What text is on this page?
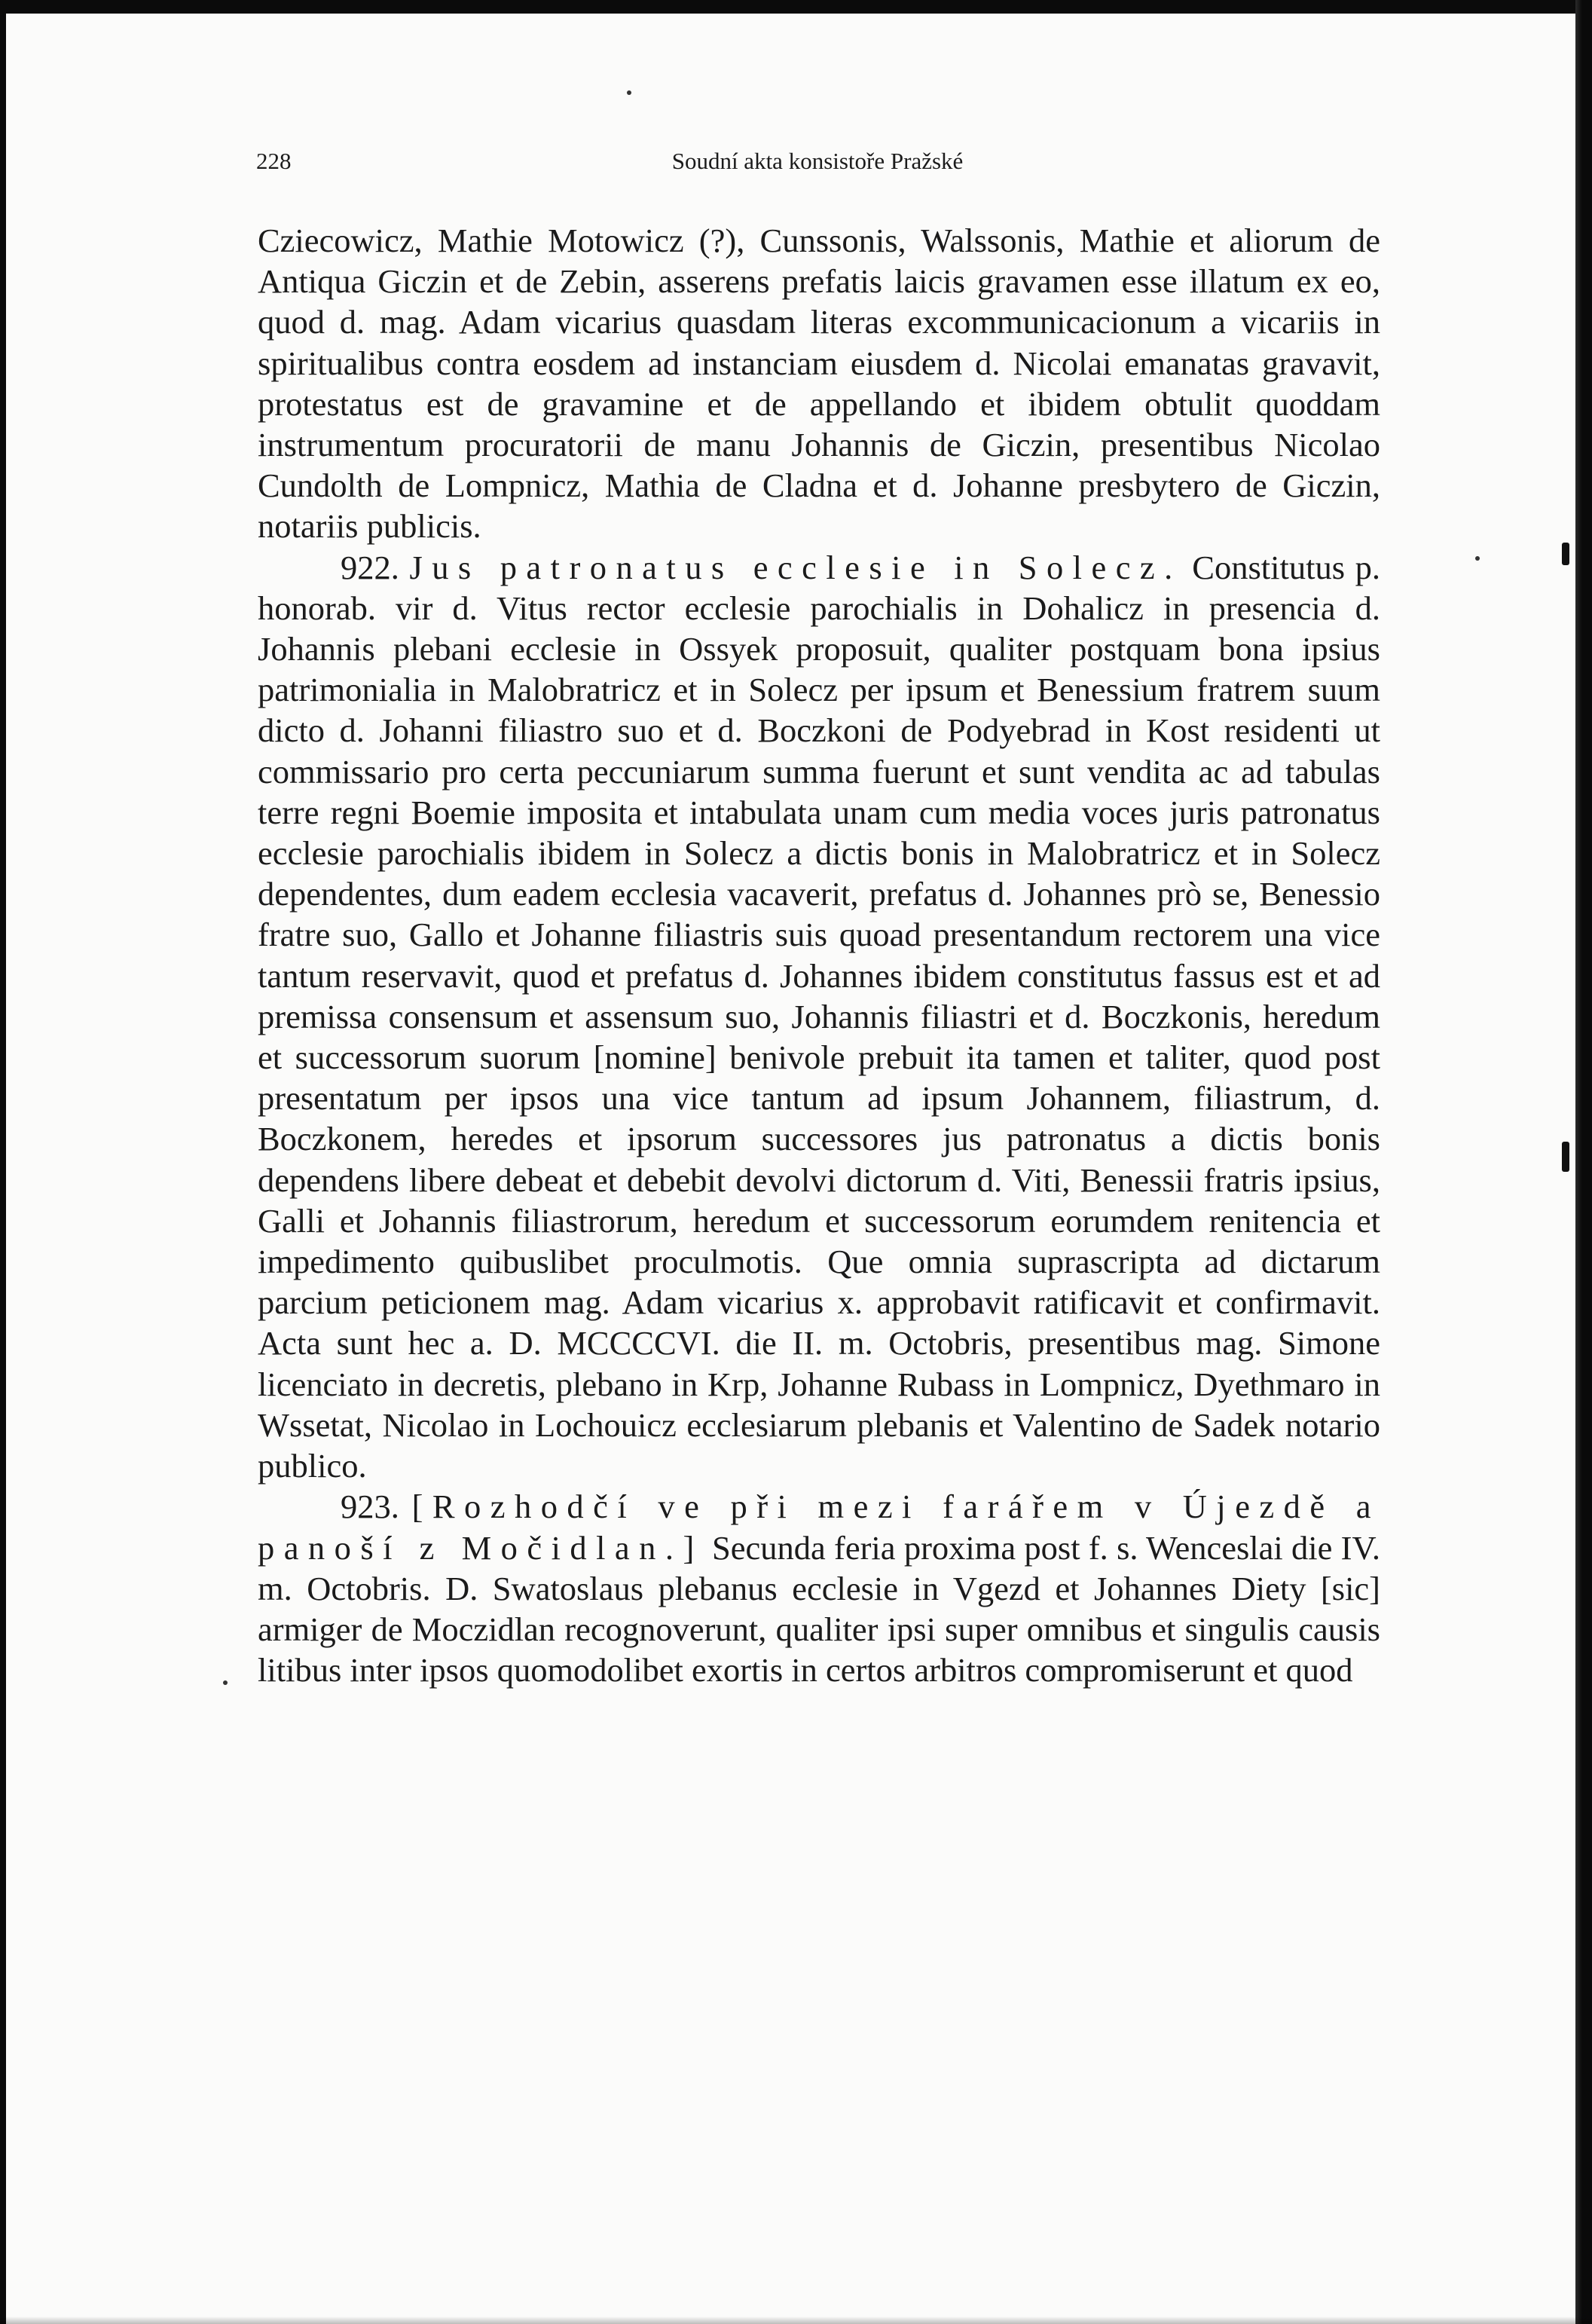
228	Soudní akta konsistoře Pražské

Cziecowicz, Mathie Motowicz (?), Cunssonis, Walssonis, Mathie et aliorum de Antiqua Giczin et de Zebin, asserens prefatis laicis gravamen esse illatum ex eo, quod d. mag. Adam vicarius quasdam literas excommunicacionum a vicariis in spiritualibus contra eosdem ad instanciam eiusdem d. Nicolai emanatas gravavit, protestatus est de gravamine et de appellando et ibidem obtulit quoddam instrumentum procuratorii de manu Johannis de Giczin, presentibus Nicolao Cundolth de Lompnicz, Mathia de Cladna et d. Johanne presbytero de Giczin, notariis publicis.

922. Jus patronatus ecclesie in Solecz. Constitutus p. honorab. vir d. Vitus rector ecclesie parochialis in Dohalicz in presencia d. Johannis plebani ecclesie in Ossyek proposuit, qualiter postquam bona ipsius patrimonialia in Malobratricz et in Solecz per ipsum et Benessium fratrem suum dicto d. Johanni filiastro suo et d. Boczkoni de Podyebrad in Kost residenti ut commissario pro certa peccuniarum summa fuerunt et sunt vendita ac ad tabulas terre regni Boemie imposita et intabulata unam cum media voces juris patronatus ecclesie parochialis ibidem in Solecz a dictis bonis in Malobratricz et in Solecz dependentes, dum eadem ecclesia vacaverit, prefatus d. Johannes prò se, Benessio fratre suo, Gallo et Johanne filiastris suis quoad presentandum rectorem una vice tantum reservavit, quod et prefatus d. Johannes ibidem constitutus fassus est et ad premissa consensum et assensum suo, Johannis filiastri et d. Boczkonis, heredum et successorum suorum [nomine] benivole prebuit ita tamen et taliter, quod post presentatum per ipsos una vice tantum ad ipsum Johannem, filiastrum, d. Boczkonem, heredes et ipsorum successores jus patronatus a dictis bonis dependens libere debeat et debebit devolvi dictorum d. Viti, Benessii fratris ipsius, Galli et Johannis filiastrorum, heredum et successorum eorumdem renitencia et impedimento quibuslibet proculmotis. Que omnia suprascripta ad dictarum parcium peticionem mag. Adam vicarius x. approbavit ratificavit et confirmavit. Acta sunt hec a. D. MCCCCVI. die II. m. Octobris, presentibus mag. Simone licenciato in decretis, plebano in Krp, Johanne Rubass in Lompnicz, Dyethmaro in Wssetat, Nicolao in Lochouicz ecclesiarum plebanis et Valentino de Sadek notario publico.

923. [Rozhodčí ve při mezi farářem v Újezdě a panoší z Močidlan.] Secunda feria proxima post f. s. Wenceslai die IV. m. Octobris. D. Swatoslaus plebanus ecclesie in Vgezd et Johannes Diety [sic] armiger de Moczidlan recognoverunt, qualiter ipsi super omnibus et singulis causis litibus inter ipsos quomodolibet exortis in certos arbitros compromiserunt et quod
